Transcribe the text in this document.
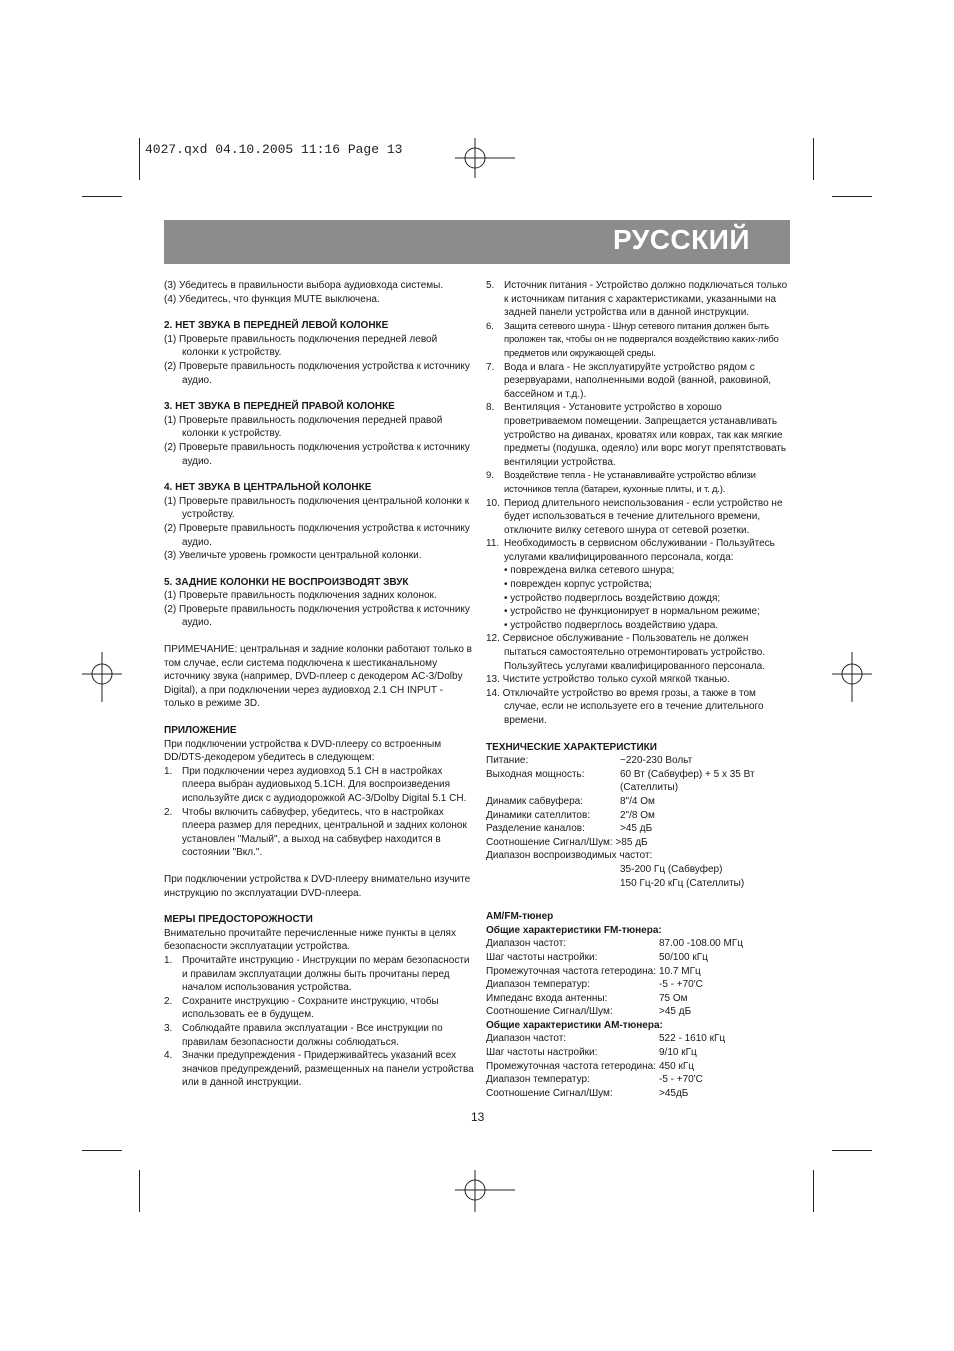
4027.qxd 04.10.2005 11:16 Page 13
РУССКИЙ

(3) Убедитесь в правильности выбора аудиовхода системы.

(4) Убедитесь, что функция MUTE выключена.

2. НЕТ ЗВУКА В ПЕРЕДНЕЙ ЛЕВОЙ КОЛОНКЕ

(1) Проверьте правильность подключения передней левой колонки к устройству.

(2) Проверьте правильность подключения устройства к источнику аудио.

3. НЕТ ЗВУКА В ПЕРЕДНЕЙ ПРАВОЙ КОЛОНКЕ

(1) Проверьте правильность подключения передней правой колонки к устройству.

(2) Проверьте правильность подключения устройства к источнику аудио.

4. НЕТ ЗВУКА В ЦЕНТРАЛЬНОЙ КОЛОНКЕ

(1) Проверьте правильность подключения центральной колонки к устройству.

(2) Проверьте правильность подключения устройства к источнику аудио.

(3) Увеличьте уровень громкости центральной колонки.

5. ЗАДНИЕ КОЛОНКИ НЕ ВОСПРОИЗВОДЯТ ЗВУК

(1) Проверьте правильность подключения задних колонок.

(2) Проверьте правильность подключения устройства к источнику аудио.

ПРИМЕЧАНИЕ: центральная и задние колонки работают только в том случае, если система подключена к шестиканальному источнику звука (например, DVD-плеер с декодером AC-3/Dolby Digital), а при подключении через аудиовход 2.1 CH INPUT - только в режиме 3D.

ПРИЛОЖЕНИЕ

При подключении устройства к DVD-плееру со встроенным DD/DTS-декодером убедитесь в следующем:

1. При подключении через аудиовход 5.1 CH в настройках плеера выбран аудиовыход 5.1CH. Для воспроизведения используйте диск с аудиодорожкой AC-3/Dolby Digital 5.1 CH.
2. Чтобы включить сабвуфер, убедитесь, что в настройках плеера размер для передних, центральной и задних колонок установлен "Малый", а выход на сабвуфер находится в состоянии "Вкл.".

При подключении устройства к DVD-плееру внимательно изучите инструкцию по эксплуатации DVD-плеера.

МЕРЫ ПРЕДОСТОРОЖНОСТИ

Внимательно прочитайте перечисленные ниже пункты в целях безопасности эксплуатации устройства.

1. Прочитайте инструкцию - Инструкции по мерам безопасности и правилам эксплуатации должны быть прочитаны перед началом использования устройства.
2. Сохраните инструкцию - Сохраните инструкцию, чтобы использовать ее в будущем.
3. Соблюдайте правила эксплуатации - Все инструкции по правилам безопасности должны соблюдаться.
4. Значки предупреждения - Придерживайтесь указаний всех значков предупреждений, размещенных на панели устройства или в данной инструкции.
5. Источник питания - Устройство должно подключаться только к источникам питания с характеристиками, указанными на задней панели устройства или в данной инструкции.
6.	Защита сетевого шнура - Шнур сетевого питания должен быть проложен так, чтобы он не подвергался воздействию каких-либо предметов или окружающей среды.
7. Вода и влага - Не эксплуатируйте устройство рядом с резервуарами, наполненными водой (ванной, раковиной, бассейном и т.д.).
8. Вентиляция - Установите устройство в хорошо проветриваемом помещении. Запрещается устанавливать устройство на диванах, кроватях или коврах, так как мягкие предметы (подушка, одеяло) или ворс могут препятствовать вентиляции устройства.
9.	Воздействие тепла - Не устанавливайте устройство вблизи источников тепла (батареи, кухонные плиты, и т. д.).
10. Период длительного неиспользования - если устройство не будет использоваться в течение длительного времени, отключите вилку сетевого шнура от сетевой розетки.
11. Необходимость в сервисном обслуживании - Пользуйтесь услугами квалифицированного персонала, когда:

• повреждена вилка сетевого шнура;

• поврежден корпус устройства;

• устройство подверглось воздействию дождя;

• устройство не функционирует в нормальном режиме;

• устройство подверглось воздействию удара.

12. Сервисное обслуживание - Пользователь не должен пытаться самостоятельно отремонтировать устройство. Пользуйтесь услугами квалифицированного персонала.

13. Чистите устройство только сухой мягкой тканью.

14. Отключайте устройство во время грозы, а также в том случае, если не используете его в течение длительного времени.

ТЕХНИЧЕСКИЕ ХАРАКТЕРИСТИКИ

Питание:	~220-230 Вольт
Выходная мощность:	60 Вт (Сабвуфер) + 5 x 35 Вт
(Сателлиты)
Динамик сабвуфера:	8"/4 Ом
Динамики сателлитов:	2"/8 Ом
Разделение каналов:	>45 дБ

Соотношение Сигнал/Шум: >85 дБ

Диапазон воспроизводимых частот:

35-200 Гц (Сабвуфер)

150 Гц-20 кГц (Сателлиты)

AM/FM-тюнер

Общие характеристики FM-тюнера:

Диапазон частот:	87.00 -108.00 МГц
Шаг частоты настройки:	50/100 кГц
Промежуточная частота гетеродина: 10.7 МГц
Диапазон температур:	-5 - +70'С
Импеданс входа антенны:	75 Ом
Соотношение Сигнал/Шум:	>45 дБ

Общие характеристики AM-тюнера:

Диапазон частот:	522 - 1610 кГц
Шаг частоты настройки:	9/10 кГц
Промежуточная частота гетеродина: 450 кГц
Диапазон температур:	-5 - +70'С
Соотношение Сигнал/Шум:	>45дБ
13
